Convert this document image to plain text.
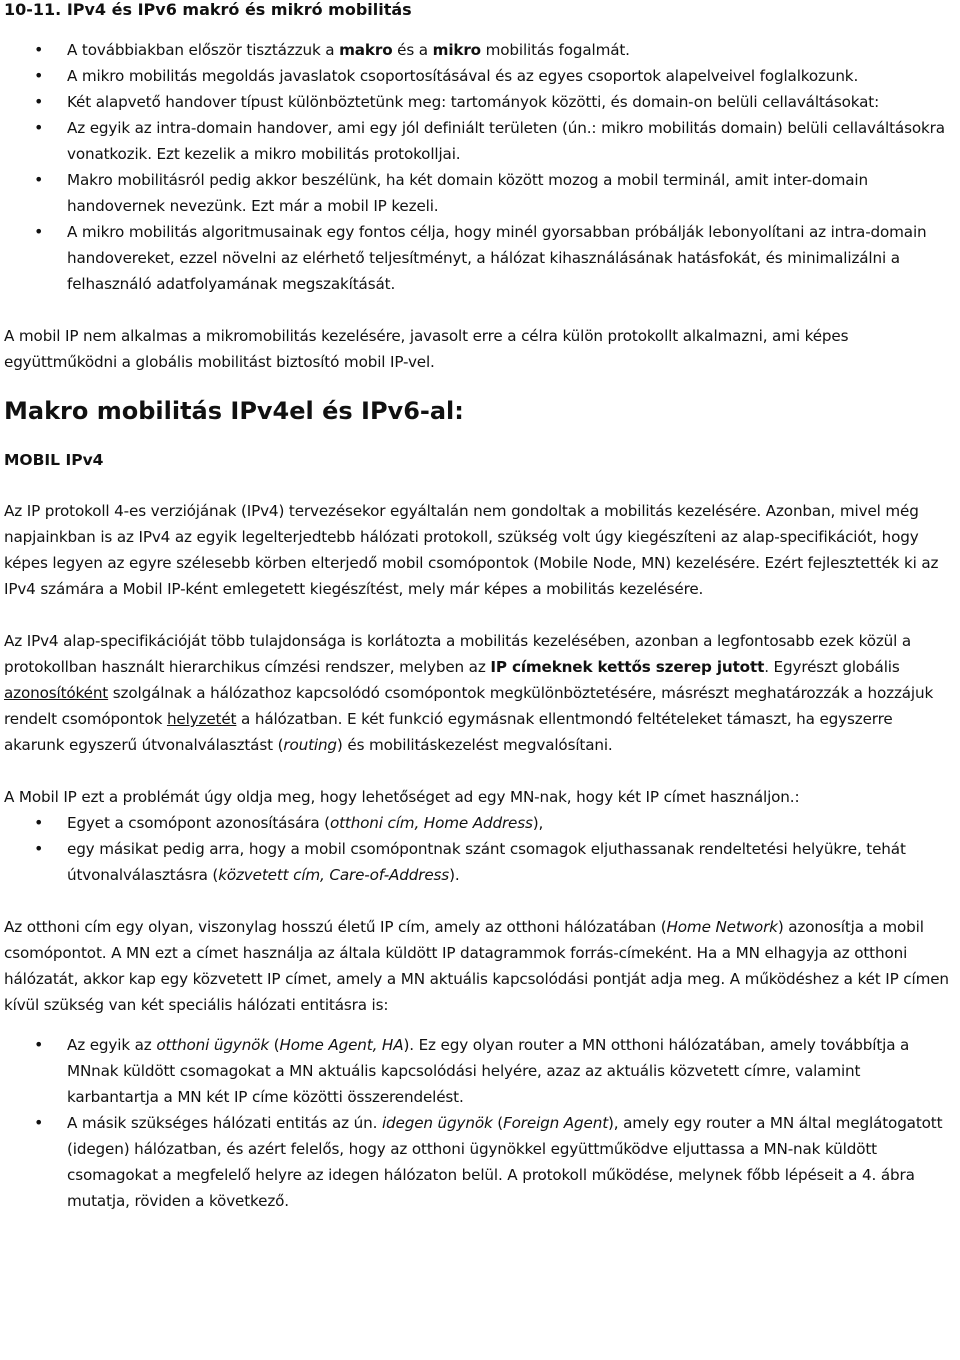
10-11. IPv4 és IPv6 makró és mikró mobilitás
• A továbbiakban először tisztázzuk a makro és a mikro mobilitás fogalmát.
• A mikro mobilitás megoldás javaslatok csoportosításával és az egyes csoportok alapelveivel foglalkozunk.
• Két alapvető handover típust különböztetünk meg: tartományok közötti, és domain-on belüli cellaváltásokat:
• Az egyik az intra-domain handover, ami egy jól definiált területen (ún.: mikro mobilitás domain) belüli cellaváltásokra vonatkozik. Ezt kezelik a mikro mobilitás protokolljai.
• Makro mobilitásról pedig akkor beszélünk, ha két domain között mozog a mobil terminál, amit inter-domain handovernek nevezünk. Ezt már a mobil IP kezeli.
• A mikro mobilitás algoritmusainak egy fontos célja, hogy minél gyorsabban próbálják lebonyolítani az intra-domain handovereket, ezzel növelni az elérhető teljesítményt, a hálózat kihasználásának hatásfokát, és minimalizálni a felhasználó adatfolyamának megszakítását.

A mobil IP nem alkalmas a mikromobilitás kezelésére, javasolt erre a célra külön protokollt alkalmazni, ami képes együttműködni a globális mobilitást biztosító mobil IP-vel.

Makro mobilitás IPv4el és IPv6-al:
MOBIL IPv4

Az IP protokoll 4-es verziójának (IPv4) tervezésekor egyáltalán nem gondoltak a mobilitás kezelésére. Azonban, mivel még napjainkban is az IPv4 az egyik legelterjedtebb hálózati protokoll, szükség volt úgy kiegészíteni az alap-specifikációt, hogy képes legyen az egyre szélesebb körben elterjedő mobil csomópontok (Mobile Node, MN) kezelésére. Ezért fejlesztették ki az IPv4 számára a Mobil IP-ként emlegetett kiegészítést, mely már képes a mobilitás kezelésére.

Az IPv4 alap-specifikációját több tulajdonsága is korlátozta a mobilitás kezelésében, azonban a legfontosabb ezek közül a protokollban használt hierarchikus címzési rendszer, melyben az IP címeknek kettős szerep jutott. Egyrészt globális azonosítóként szolgálnak a hálózathoz kapcsolódó csomópontok megkülönböztetésére, másrészt meghatározzák a hozzájuk rendelt csomópontok helyzetét a hálózatban. E két funkció egymásnak ellentmondó feltételeket támaszt, ha egyszerre akarunk egyszerű útvonalválasztást (routing) és mobilitáskezelést megvalósítani.

A Mobil IP ezt a problémát úgy oldja meg, hogy lehetőséget ad egy MN-nak, hogy két IP címet használjon.:

• Egyet a csomópont azonosítására (otthoni cím, Home Address),
• egy másikat pedig arra, hogy a mobil csomópontnak szánt csomagok eljuthassanak rendeltetési helyükre, tehát útvonalválasztásra (közvetett cím, Care-of-Address).

Az otthoni cím egy olyan, viszonylag hosszú életű IP cím, amely az otthoni hálózatában (Home Network) azonosítja a mobil csomópontot. A MN ezt a címet használja az általa küldött IP datagrammok forrás-címeként. Ha a MN elhagyja az otthoni hálózatát, akkor kap egy közvetett IP címet, amely a MN aktuális kapcsolódási pontját adja meg. A működéshez a két IP címen kívül szükség van két speciális hálózati entitásra is:

• Az egyik az otthoni ügynök (Home Agent, HA). Ez egy olyan router a MN otthoni hálózatában, amely továbbítja a MNnak küldött csomagokat a MN aktuális kapcsolódási helyére, azaz az aktuális közvetett címre, valamint karbantartja a MN két IP címe közötti összerendelést.
• A másik szükséges hálózati entitás az ún. idegen ügynök (Foreign Agent), amely egy router a MN által meglátogatott (idegen) hálózatban, és azért felelős, hogy az otthoni ügynökkel együttműködve eljuttassa a MN-nak küldött csomagokat a megfelelő helyre az idegen hálózaton belül. A protokoll működése, melynek főbb lépéseit a 4. ábra mutatja, röviden a következő.
